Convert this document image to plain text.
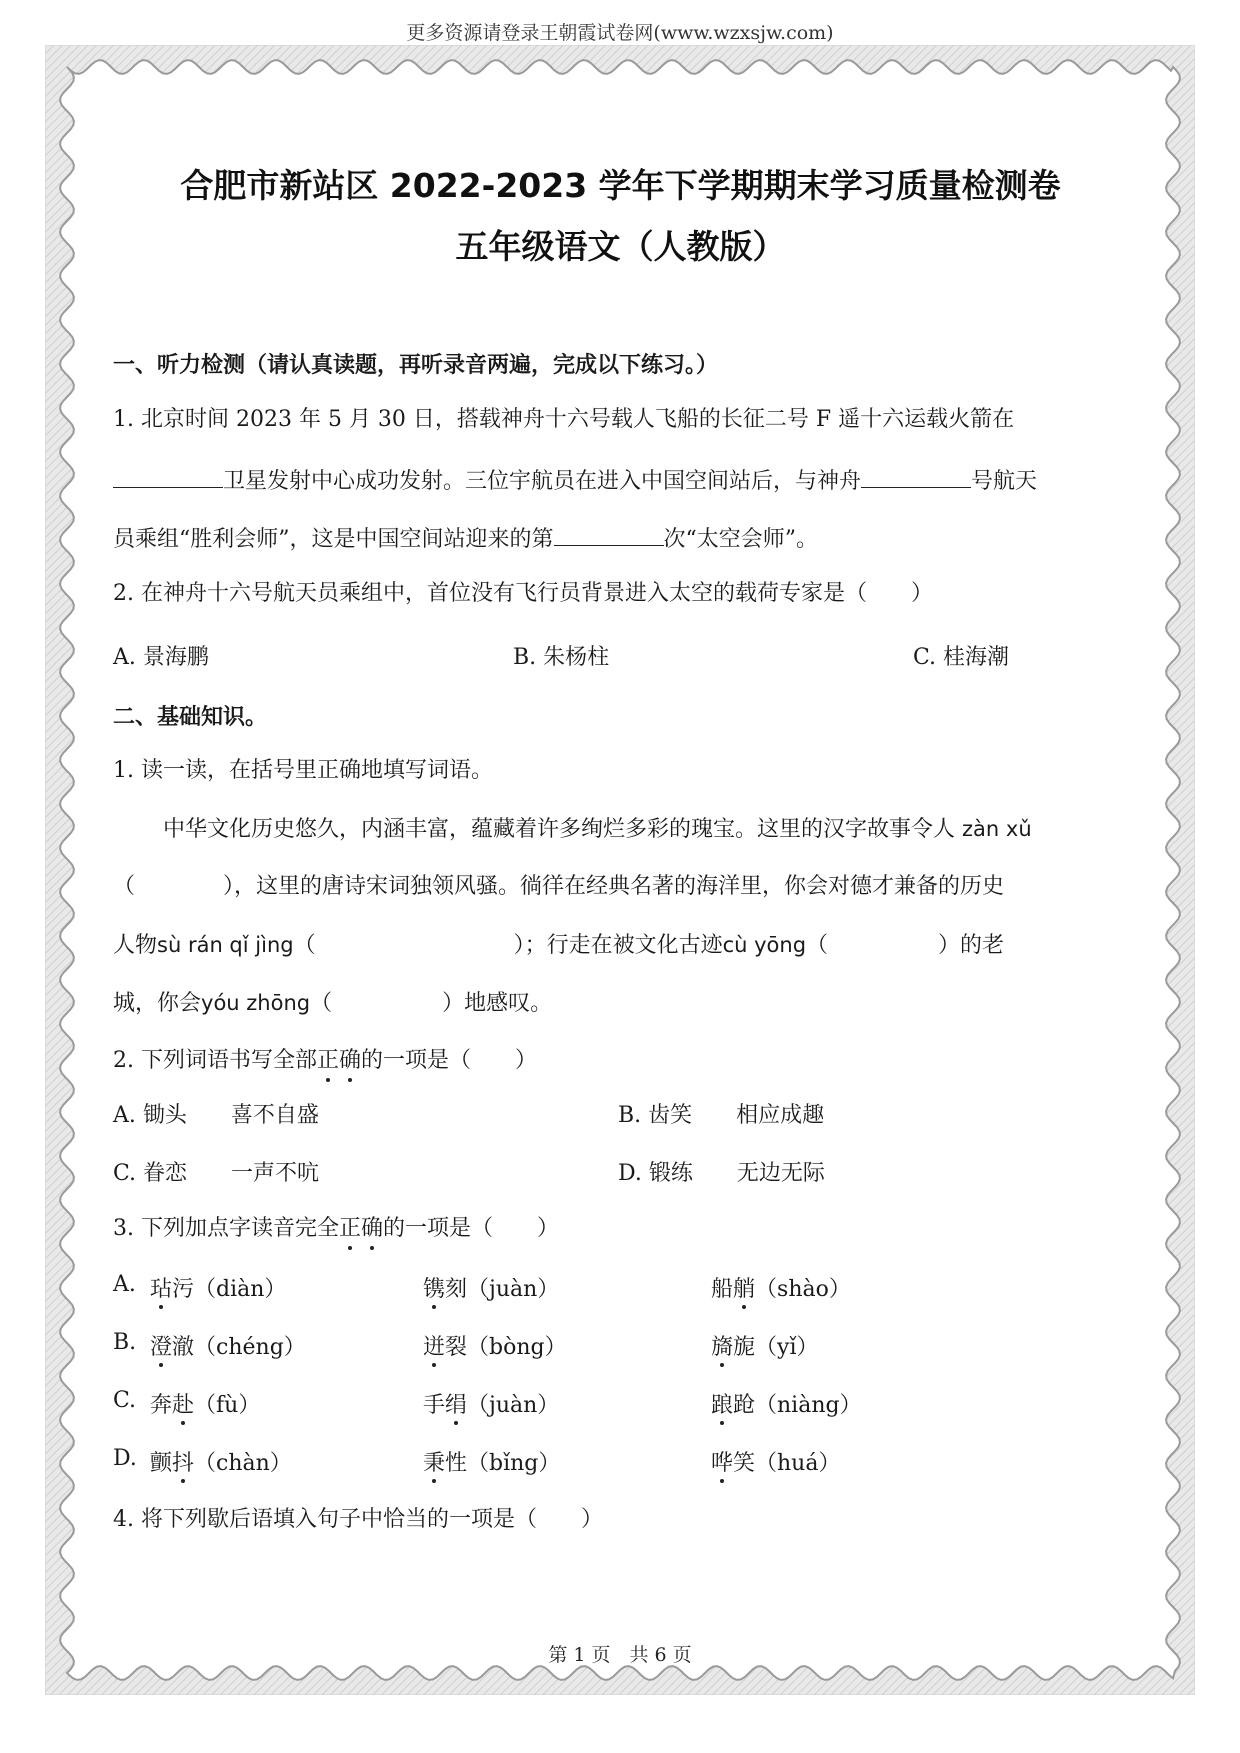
更多资源请登录王朝霞试卷网(www.wzxsjw.com)
合肥市新站区 2022-2023 学年下学期期末学习质量检测卷
五年级语文（人教版）
一、听力检测（请认真读题，再听录音两遍，完成以下练习。）
1. 北京时间 2023 年 5 月 30 日，搭载神舟十六号载人飞船的长征二号 F 遥十六运载火箭在
卫星发射中心成功发射。三位宇航员在进入中国空间站后，与神舟	号航天
员乘组“胜利会师”，这是中国空间站迎来的第	次“太空会师”。
2. 在神舟十六号航天员乘组中，首位没有飞行员背景进入太空的载荷专家是（　　）
A. 景海鹏	B. 朱杨柱	C. 桂海潮
二、基础知识。
1. 读一读，在括号里正确地填写词语。
中华文化历史悠久，内涵丰富，蕴藏着许多绚烂多彩的瑰宝。这里的汉字故事令人 zàn xǔ
（　　　　），这里的唐诗宋词独领风骚。徜徉在经典名著的海洋里，你会对德才兼备的历史
人物sù rán qǐ jìng（　　　　　　　　　）；行走在被文化古迹cù yōng（　　　　　）的老
城，你会yóu zhōng（　　　　　）地感叹。
2. 下列词语书写全部正确的一项是（　　）
A. 锄头　　喜不自盛	B. 齿笑　　相应成趣
C. 眷恋　　一声不吭	D. 锻练　　无边无际
3. 下列加点字读音完全正确的一项是（　　）
A. 玷污（diàn）	镌刻（juàn）	船艄（shào）
B. 澄澈（chéng）	迸裂（bòng）	旖旎（yǐ）
C. 奔赴（fù）	手绢（juàn）	踉跄（niàng）
D. 颤抖（chàn）	秉性（bǐng）	哗笑（huá）
4. 将下列歇后语填入句子中恰当的一项是（　　）
第 1 页　共 6 页
